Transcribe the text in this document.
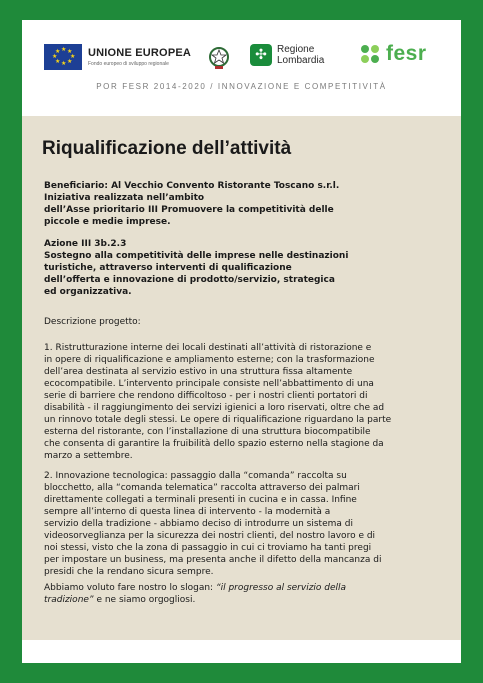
★ ★
★
★
★
★
★
★	UNIONE EUROPEA
Fondo europeo di sviluppo regionale
✣	Regione
Lombardia	fesr
POR FESR 2014-2020 / INNOVAZIONE E COMPETITIVITÀ
Riqualificazione dell’attività

Beneficiario: Al Vecchio Convento Ristorante Toscano s.r.l.

Iniziativa realizzata nell’ambito

dell’Asse prioritario III Promuovere la competitività delle

piccole e medie imprese.

Azione III 3b.2.3

Sostegno alla competitività delle imprese nelle destinazioni

turistiche, attraverso interventi di qualificazione

dell’offerta e innovazione di prodotto/servizio, strategica

ed organizzativa.

Descrizione progetto:

1. Ristrutturazione interne dei locali destinati all’attività di ristorazione e

in opere di riqualificazione e ampliamento esterne; con la trasformazione

dell’area destinata al servizio estivo in una struttura fissa altamente

ecocompatibile. L’intervento principale consiste nell’abbattimento di una

serie di barriere che rendono difficoltoso - per i nostri clienti portatori di

disabilità - il raggiungimento dei servizi igienici a loro riservati, oltre che ad

un rinnovo totale degli stessi. Le opere di riqualificazione riguardano la parte

esterna del ristorante, con l’installazione di una struttura biocompatibile

che consenta di garantire la fruibilità dello spazio esterno nella stagione da

marzo a settembre.

2. Innovazione tecnologica: passaggio dalla “comanda” raccolta su

blocchetto, alla “comanda telematica” raccolta attraverso dei palmari

direttamente collegati a terminali presenti in cucina e in cassa. Infine

sempre all’interno di questa linea di intervento - la modernità a

servizio della tradizione - abbiamo deciso di introdurre un sistema di

videosorveglianza per la sicurezza dei nostri clienti, del nostro lavoro e di

noi stessi, visto che la zona di passaggio in cui ci troviamo ha tanti pregi

per impostare un business, ma presenta anche il difetto della mancanza di

presidi che la rendano sicura sempre.

Abbiamo voluto fare nostro lo slogan: “il progresso al servizio della

tradizione” e ne siamo orgogliosi.
